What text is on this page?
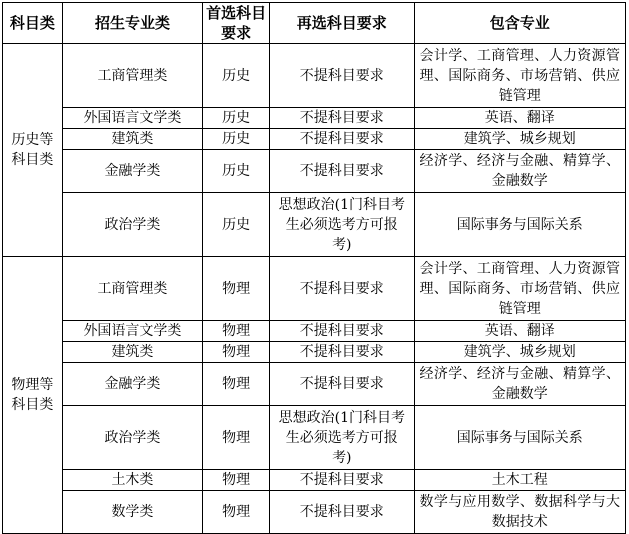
科目类	招生专业类	首选科目要求	再选科目要求	包含专业
历史等科目类	工商管理类	历史	不提科目要求	会计学、工商管理、人力资源管理、国际商务、市场营销、供应链管理
	外国语言文学类	历史	不提科目要求	英语、翻译
	建筑类	历史	不提科目要求	建筑学、城乡规划
	金融学类	历史	不提科目要求	经济学、经济与金融、精算学、金融数学
	政治学类	历史	思想政治(1门科目考生必须选考方可报考)	国际事务与国际关系
物理等科目类	工商管理类	物理	不提科目要求	会计学、工商管理、人力资源管理、国际商务、市场营销、供应链管理
	外国语言文学类	物理	不提科目要求	英语、翻译
	建筑类	物理	不提科目要求	建筑学、城乡规划
	金融学类	物理	不提科目要求	经济学、经济与金融、精算学、金融数学
	政治学类	物理	思想政治(1门科目考生必须选考方可报考)	国际事务与国际关系
	土木类	物理	不提科目要求	土木工程
	数学类	物理	不提科目要求	数学与应用数学、数据科学与大数据技术
